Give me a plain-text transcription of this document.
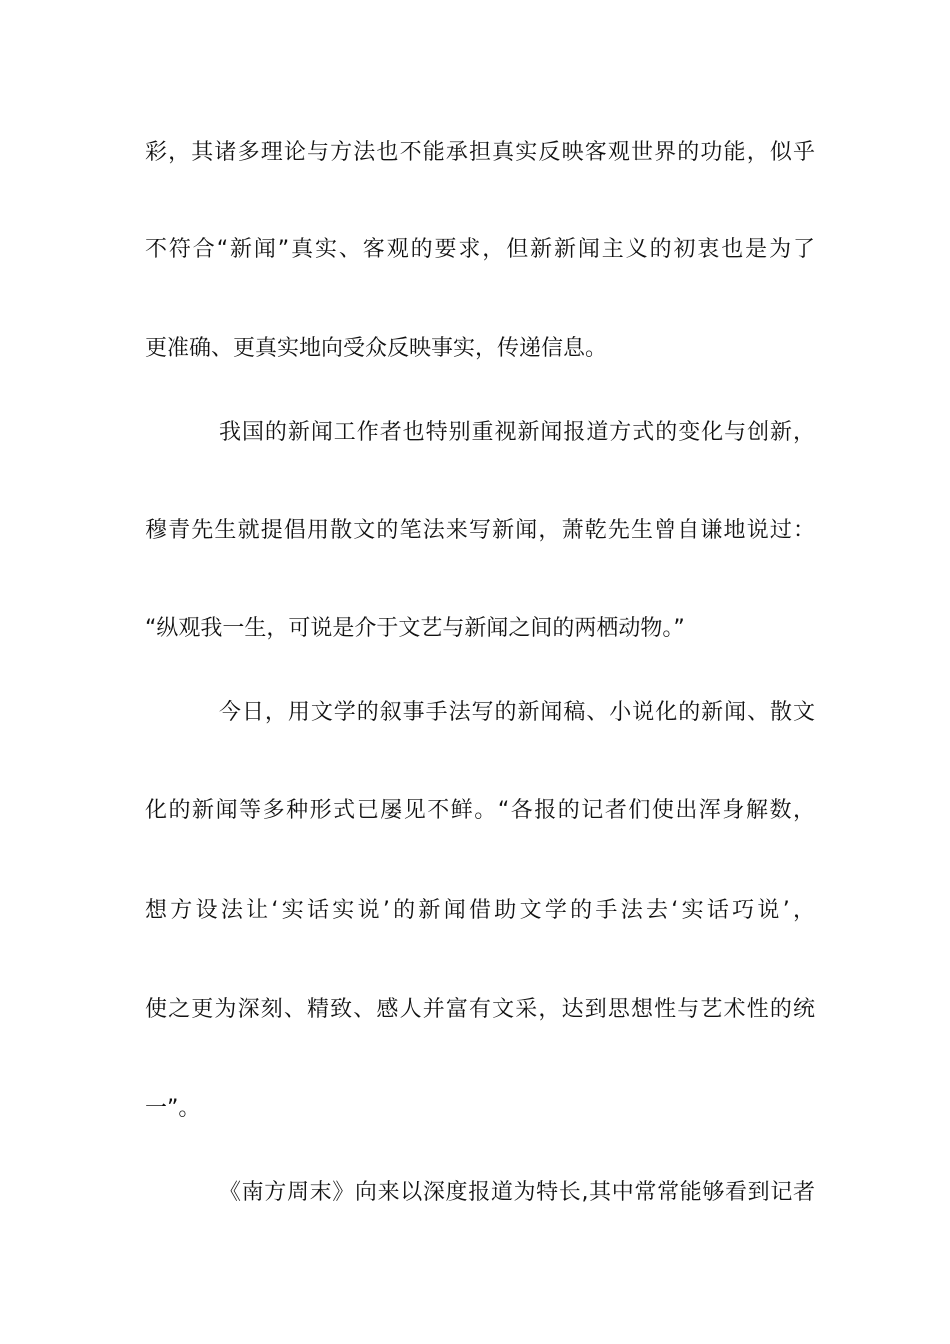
彩，其诸多理论与方法也不能承担真实反映客观世界的功能，似乎
不符合“新闻”真实、客观的要求，但新新闻主义的初衷也是为了
更准确、更真实地向受众反映事实，传递信息。
我国的新闻工作者也特别重视新闻报道方式的变化与创新，
穆青先生就提倡用散文的笔法来写新闻，萧乾先生曾自谦地说过：
“纵观我一生，可说是介于文艺与新闻之间的两栖动物。”
今日，用文学的叙事手法写的新闻稿、小说化的新闻、散文
化的新闻等多种形式已屡见不鲜。“各报的记者们使出浑身解数，
想方设法让‘实话实说’的新闻借助文学的手法去‘实话巧说’，
使之更为深刻、精致、感人并富有文采，达到思想性与艺术性的统
一”。
《南方周末》向来以深度报道为特长,其中常常能够看到记者
